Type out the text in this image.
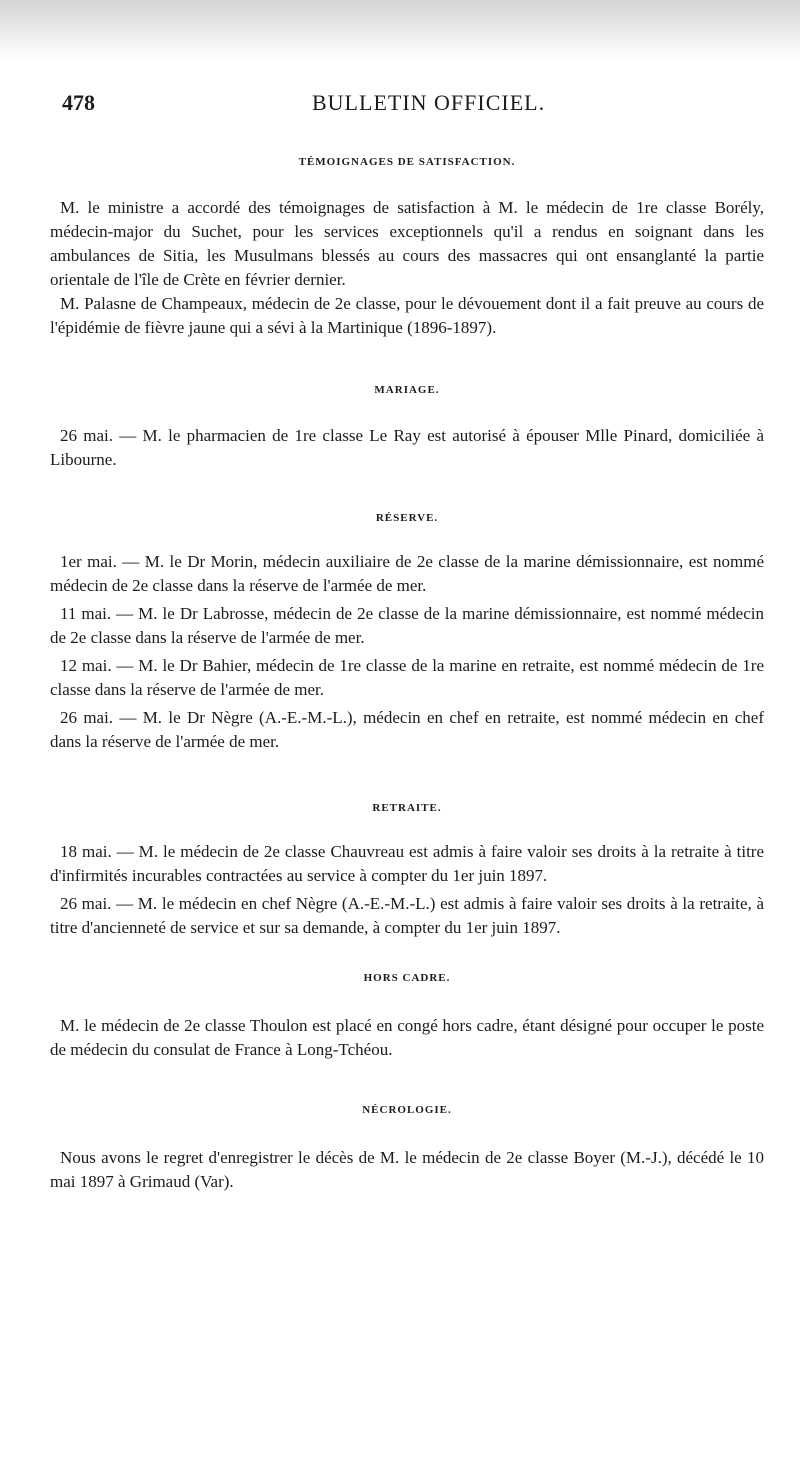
478	BULLETIN OFFICIEL.

TÉMOIGNAGES DE SATISFACTION.

M. le ministre a accordé des témoignages de satisfaction à M. le médecin de 1re classe Borély, médecin-major du Suchet, pour les services exceptionnels qu'il a rendus en soignant dans les ambulances de Sitia, les Musulmans blessés au cours des massacres qui ont ensanglanté la partie orientale de l'île de Crète en février dernier.

M. Palasne de Champeaux, médecin de 2e classe, pour le dévouement dont il a fait preuve au cours de l'épidémie de fièvre jaune qui a sévi à la Martinique (1896-1897).

MARIAGE.

26 mai. — M. le pharmacien de 1re classe Le Ray est autorisé à épouser Mlle Pinard, domiciliée à Libourne.

RÉSERVE.

1er mai. — M. le Dr Morin, médecin auxiliaire de 2e classe de la marine démissionnaire, est nommé médecin de 2e classe dans la réserve de l'armée de mer.

11 mai. — M. le Dr Labrosse, médecin de 2e classe de la marine démissionnaire, est nommé médecin de 2e classe dans la réserve de l'armée de mer.

12 mai. — M. le Dr Bahier, médecin de 1re classe de la marine en retraite, est nommé médecin de 1re classe dans la réserve de l'armée de mer.

26 mai. — M. le Dr Nègre (A.-E.-M.-L.), médecin en chef en retraite, est nommé médecin en chef dans la réserve de l'armée de mer.

RETRAITE.

18 mai. — M. le médecin de 2e classe Chauvreau est admis à faire valoir ses droits à la retraite à titre d'infirmités incurables contractées au service à compter du 1er juin 1897.

26 mai. — M. le médecin en chef Nègre (A.-E.-M.-L.) est admis à faire valoir ses droits à la retraite, à titre d'ancienneté de service et sur sa demande, à compter du 1er juin 1897.

HORS CADRE.

M. le médecin de 2e classe Thoulon est placé en congé hors cadre, étant désigné pour occuper le poste de médecin du consulat de France à Long-Tchéou.

NÉCROLOGIE.

Nous avons le regret d'enregistrer le décès de M. le médecin de 2e classe Boyer (M.-J.), décédé le 10 mai 1897 à Grimaud (Var).
